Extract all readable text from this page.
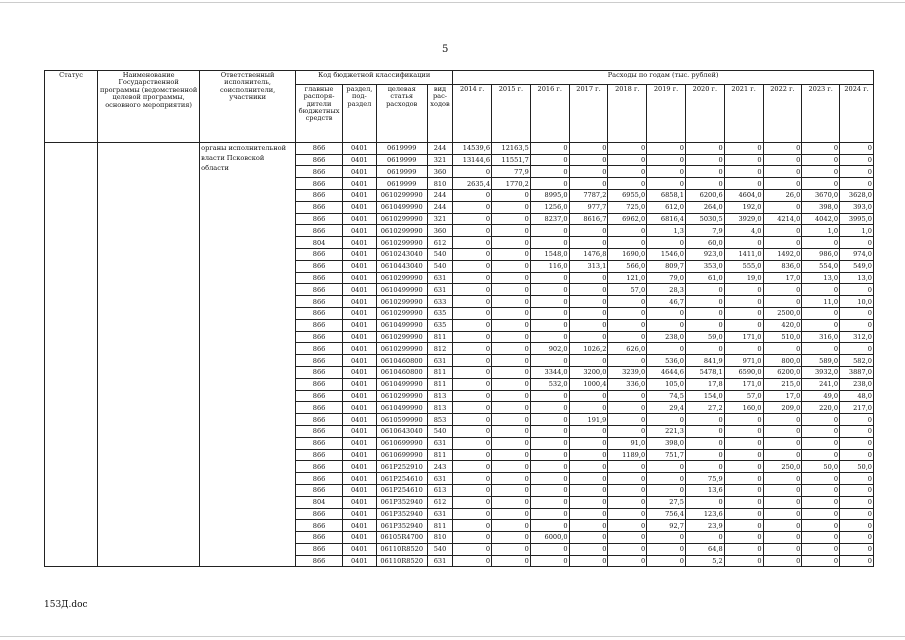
5
Статус	Наименование Государственной программы (ведомственной целевой программы, основного мероприятия)	Ответственный исполнитель, соисполнители, участники	Код бюджетной классификации				Расходы по годам (тыс. рублей)										
			главные распоря- дители бюджетных средств	раздел, под- раздел	целевая статья расходов	вид рас- ходов	2014 г.	2015 г.	2016 г.	2017 г.	2018 г.	2019 г.	2020 г.	2021 г.	2022 г.	2023 г.	2024 г.
		органы исполнительной власти Псковской области	866	0401	0619999	244	14539,6	12163,5	0	0	0	0	0	0	0	0	0
			866	0401	0619999	321	13144,6	11551,7	0	0	0	0	0	0	0	0	0
			866	0401	0619999	360	0	77,9	0	0	0	0	0	0	0	0	0
			866	0401	0619999	810	2635,4	1770,2	0	0	0	0	0	0	0	0	0
			866	0401	0610299990	244	0	0	8995,0	7787,2	6955,0	6858,1	6200,6	4604,0	26,0	3670,0	3628,0
			866	0401	0610499990	244	0	0	1256,0	977,7	725,0	612,0	264,0	192,0	0	398,0	393,0
			866	0401	0610299990	321	0	0	8237,0	8616,7	6962,0	6816,4	5030,5	3929,0	4214,0	4042,0	3995,0
			866	0401	0610299990	360	0	0	0	0	0	1,3	7,9	4,0	0	1,0	1,0
			804	0401	0610299990	612	0	0	0	0	0	0	60,0	0	0	0	0
			866	0401	0610243040	540	0	0	1548,0	1476,8	1690,0	1546,0	923,0	1411,0	1492,0	986,0	974,0
			866	0401	0610443040	540	0	0	116,0	313,1	566,0	809,7	353,0	555,0	836,0	554,0	549,0
			866	0401	0610299990	631	0	0	0	0	121,0	79,0	61,0	19,0	17,0	13,0	13,0
			866	0401	0610499990	631	0	0	0	0	57,0	28,3	0	0	0	0	0
			866	0401	0610299990	633	0	0	0	0	0	46,7	0	0	0	11,0	10,0
			866	0401	0610299990	635	0	0	0	0	0	0	0	0	2500,0	0	0
			866	0401	0610499990	635	0	0	0	0	0	0	0	0	420,0	0	0
			866	0401	0610299990	811	0	0	0	0	0	238,0	59,0	171,0	510,0	316,0	312,0
			866	0401	0610299990	812	0	0	902,0	1026,2	626,0	0	0	0	0	0	0
			866	0401	0610460800	631	0	0	0	0	0	536,0	841,9	971,0	800,0	589,0	582,0
			866	0401	0610460800	811	0	0	3344,0	3200,0	3239,0	4644,6	5478,1	6590,0	6200,0	3932,0	3887,0
			866	0401	0610499990	811	0	0	532,0	1000,4	336,0	105,0	17,8	171,0	215,0	241,0	238,0
			866	0401	0610299990	813	0	0	0	0	0	74,5	154,0	57,0	17,0	49,0	48,0
			866	0401	0610499990	813	0	0	0	0	0	29,4	27,2	160,0	209,0	220,0	217,0
			866	0401	0610599990	853	0	0	0	191,9	0	0	0	0	0	0	0
			866	0401	0610643040	540	0	0	0	0	0	221,3	0	0	0	0	0
			866	0401	0610699990	631	0	0	0	0	91,0	398,0	0	0	0	0	0
			866	0401	0610699990	811	0	0	0	0	1189,0	751,7	0	0	0	0	0
			866	0401	061P252910	243	0	0	0	0	0	0	0	0	250,0	50,0	50,0
			866	0401	061P254610	631	0	0	0	0	0	0	75,9	0	0	0	0
			866	0401	061P254610	613	0	0	0	0	0	0	13,6	0	0	0	0
			804	0401	061P352940	612	0	0	0	0	0	27,5	0	0	0	0	0
			866	0401	061P352940	631	0	0	0	0	0	756,4	123,6	0	0	0	0
			866	0401	061P352940	811	0	0	0	0	0	92,7	23,9	0	0	0	0
			866	0401	06105R4700	810	0	0	6000,0	0	0	0	0	0	0	0	0
			866	0401	06110R8520	540	0	0	0	0	0	0	64,8	0	0	0	0
			866	0401	06110R8520	631	0	0	0	0	0	0	5,2	0	0	0	0
153Д.doc
